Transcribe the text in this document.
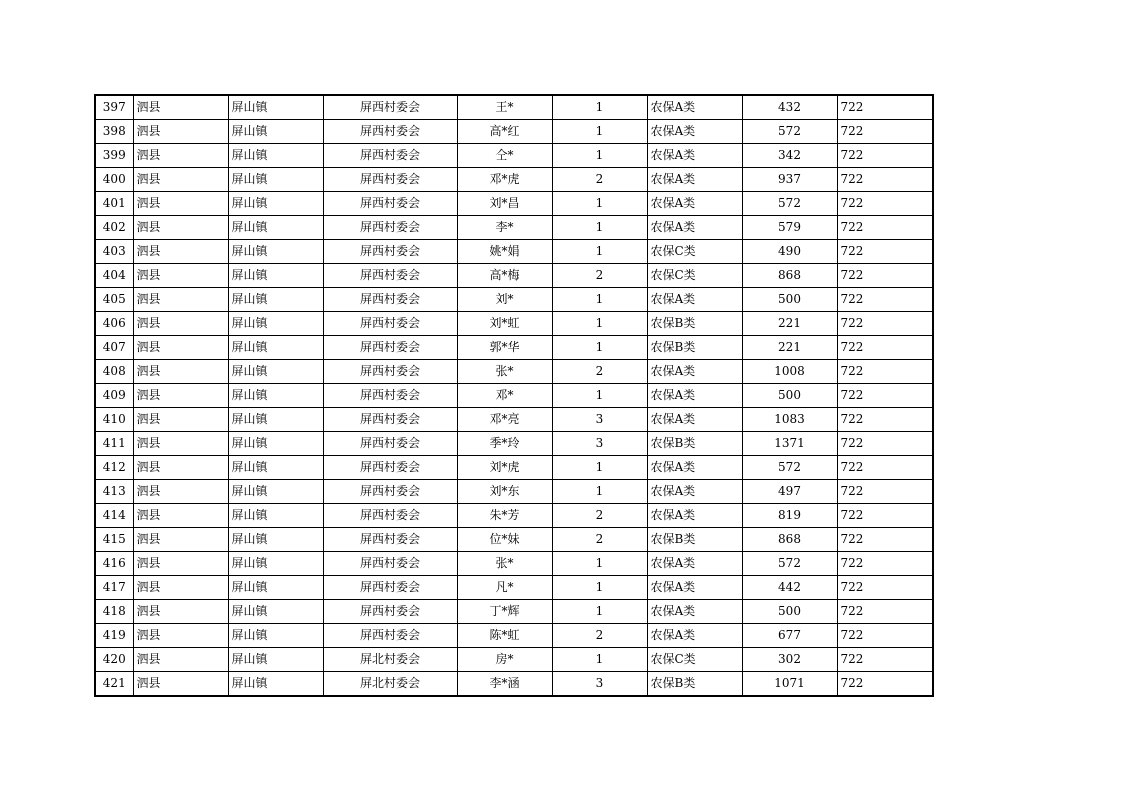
397	泗县	屏山镇	屏西村委会	王*	1	农保A类	432	722
398	泗县	屏山镇	屏西村委会	高*红	1	农保A类	572	722
399	泗县	屏山镇	屏西村委会	仝*	1	农保A类	342	722
400	泗县	屏山镇	屏西村委会	邓*虎	2	农保A类	937	722
401	泗县	屏山镇	屏西村委会	刘*昌	1	农保A类	572	722
402	泗县	屏山镇	屏西村委会	李*	1	农保A类	579	722
403	泗县	屏山镇	屏西村委会	姚*娟	1	农保C类	490	722
404	泗县	屏山镇	屏西村委会	高*梅	2	农保C类	868	722
405	泗县	屏山镇	屏西村委会	刘*	1	农保A类	500	722
406	泗县	屏山镇	屏西村委会	刘*虹	1	农保B类	221	722
407	泗县	屏山镇	屏西村委会	郭*华	1	农保B类	221	722
408	泗县	屏山镇	屏西村委会	张*	2	农保A类	1008	722
409	泗县	屏山镇	屏西村委会	邓*	1	农保A类	500	722
410	泗县	屏山镇	屏西村委会	邓*亮	3	农保A类	1083	722
411	泗县	屏山镇	屏西村委会	季*玲	3	农保B类	1371	722
412	泗县	屏山镇	屏西村委会	刘*虎	1	农保A类	572	722
413	泗县	屏山镇	屏西村委会	刘*东	1	农保A类	497	722
414	泗县	屏山镇	屏西村委会	朱*芳	2	农保A类	819	722
415	泗县	屏山镇	屏西村委会	位*妹	2	农保B类	868	722
416	泗县	屏山镇	屏西村委会	张*	1	农保A类	572	722
417	泗县	屏山镇	屏西村委会	凡*	1	农保A类	442	722
418	泗县	屏山镇	屏西村委会	丁*辉	1	农保A类	500	722
419	泗县	屏山镇	屏西村委会	陈*虹	2	农保A类	677	722
420	泗县	屏山镇	屏北村委会	房*	1	农保C类	302	722
421	泗县	屏山镇	屏北村委会	李*涵	3	农保B类	1071	722
